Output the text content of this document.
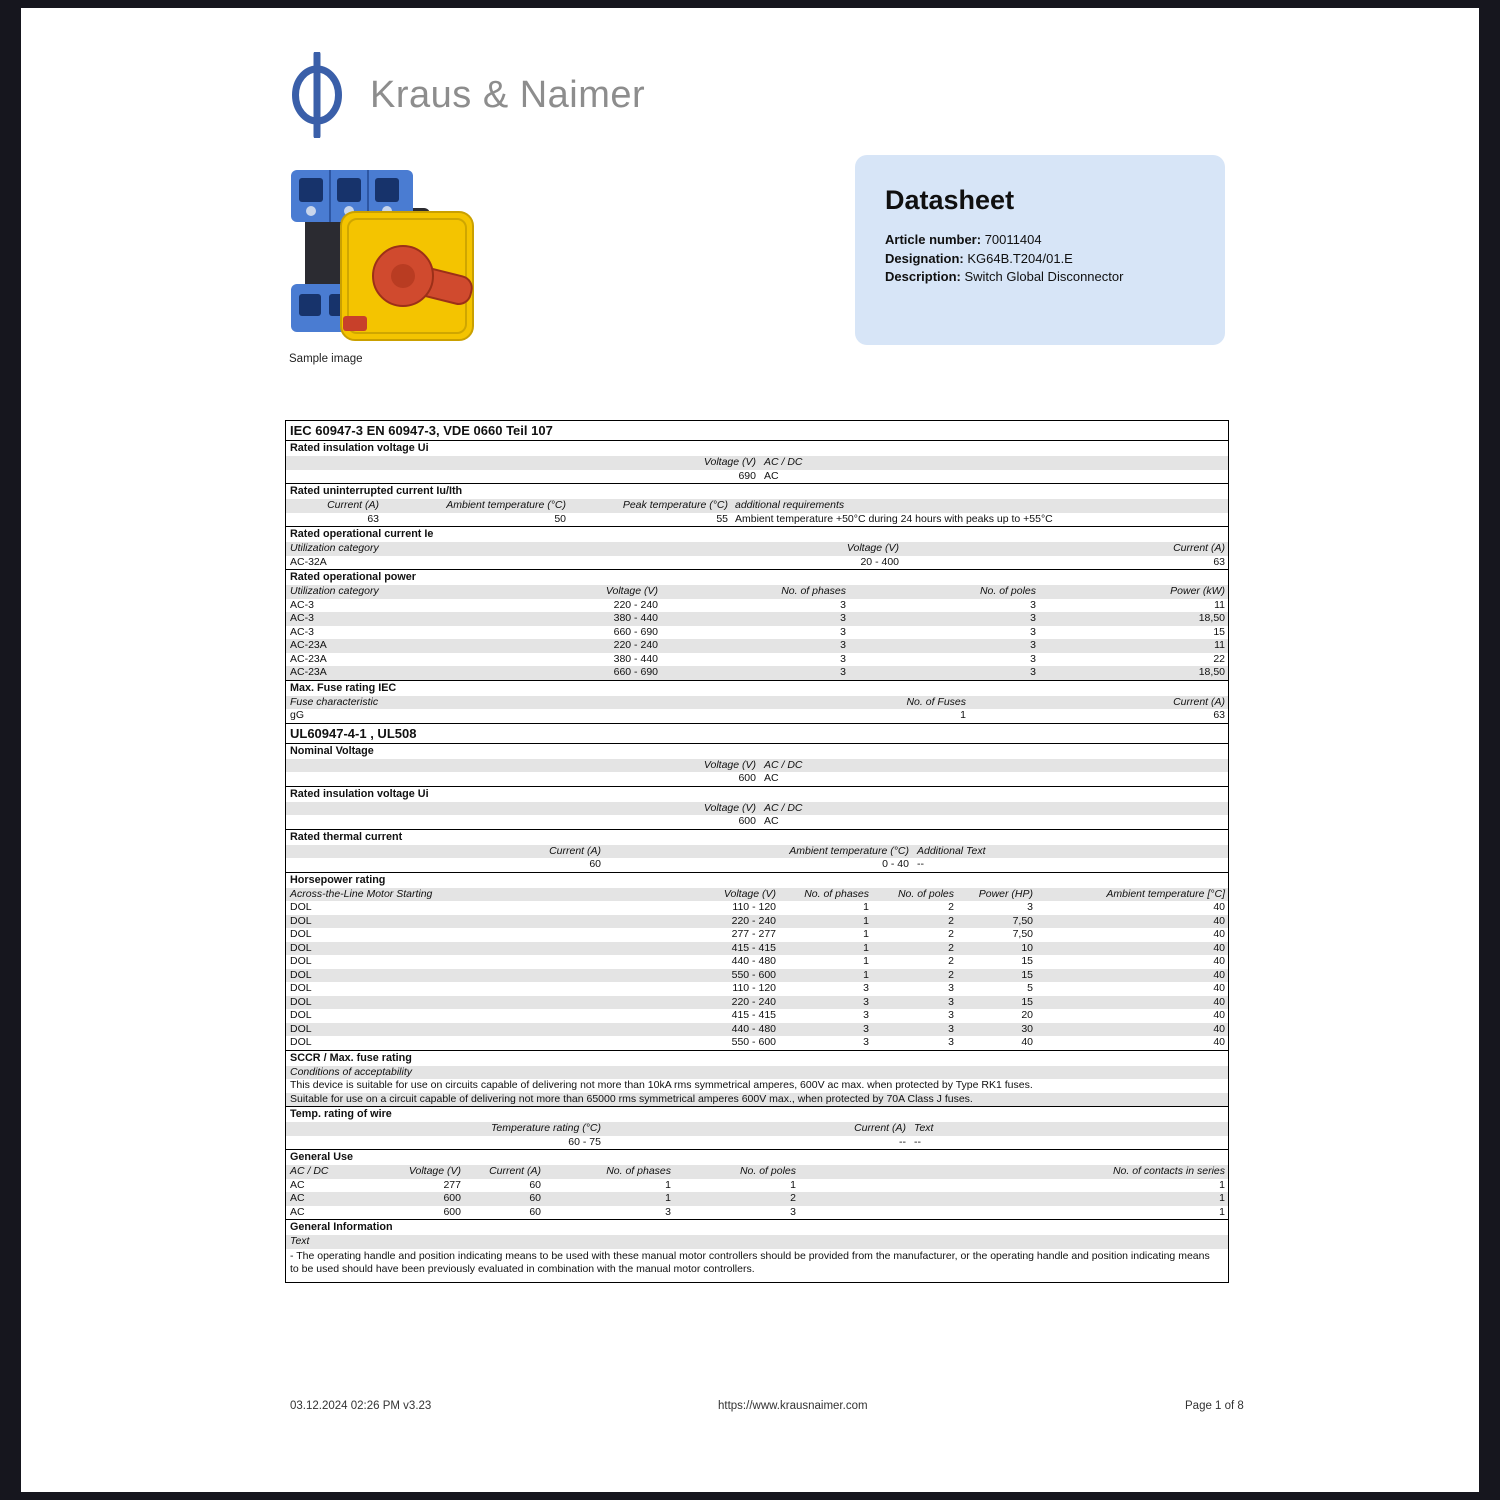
Kraus & Naimer
Sample image
Datasheet
Article number: 70011404
Designation: KG64B.T204/01.E
Description: Switch Global Disconnector
IEC 60947-3 EN 60947-3, VDE 0660 Teil 107
Rated insulation voltage Ui
Voltage (V) AC / DC
690 AC
Rated uninterrupted current Iu/Ith
Current (A)	Ambient temperature (°C)	Peak temperature (°C) additional requirements
63	50	55 Ambient temperature +50°C during 24 hours with peaks up to +55°C
Rated operational current Ie
Utilization category	Voltage (V)	Current (A)
AC-32A	20 - 400	63
Rated operational power
Utilization category	Voltage (V)	No. of phases	No. of poles	Power (kW)
AC-3	220 - 240	3	3	11
AC-3	380 - 440	3	3	18,50
AC-3	660 - 690	3	3	15
AC-23A	220 - 240	3	3	11
AC-23A	380 - 440	3	3	22
AC-23A	660 - 690	3	3	18,50
Max. Fuse rating IEC
Fuse characteristic	No. of Fuses	Current (A)
gG	1	63
UL60947-4-1 , UL508
Nominal Voltage
Voltage (V) AC / DC
600 AC
Rated insulation voltage Ui
Voltage (V) AC / DC
600 AC
Rated thermal current
Current (A)	Ambient temperature (°C) Additional Text
60	0 - 40 --
Horsepower rating
Across-the-Line Motor Starting	Voltage (V)	No. of phases	No. of poles Power (HP)	Ambient temperature [°C]
DOL	110 - 120	1	2	3	40
DOL	220 - 240	1	2	7,50	40
DOL	277 - 277	1	2	7,50	40
DOL	415 - 415	1	2	10	40
DOL	440 - 480	1	2	15	40
DOL	550 - 600	1	2	15	40
DOL	110 - 120	3	3	5	40
DOL	220 - 240	3	3	15	40
DOL	415 - 415	3	3	20	40
DOL	440 - 480	3	3	30	40
DOL	550 - 600	3	3	40	40
SCCR / Max. fuse rating
Conditions of acceptability
This device is suitable for use on circuits capable of delivering not more than 10kA rms symmetrical amperes, 600V ac max. when protected by Type RK1 fuses.
Suitable for use on a circuit capable of delivering not more than 65000 rms symmetrical amperes 600V max., when protected by 70A Class J fuses.
Temp. rating of wire
Temperature rating (°C)	Current (A) Text
60 - 75	-- --
General Use
AC / DC	Voltage (V)	Current (A)	No. of phases	No. of poles	No. of contacts in series
AC	277	60	1	1	1
AC	600	60	1	2	1
AC	600	60	3	3	1
General Information
Text
- The operating handle and position indicating means to be used with these manual motor controllers should be provided from the manufacturer, or the operating handle and position indicating means to be used should have been previously evaluated in combination with the manual motor controllers.
03.12.2024 02:26 PM v3.23	https://www.krausnaimer.com	Page 1 of 8
